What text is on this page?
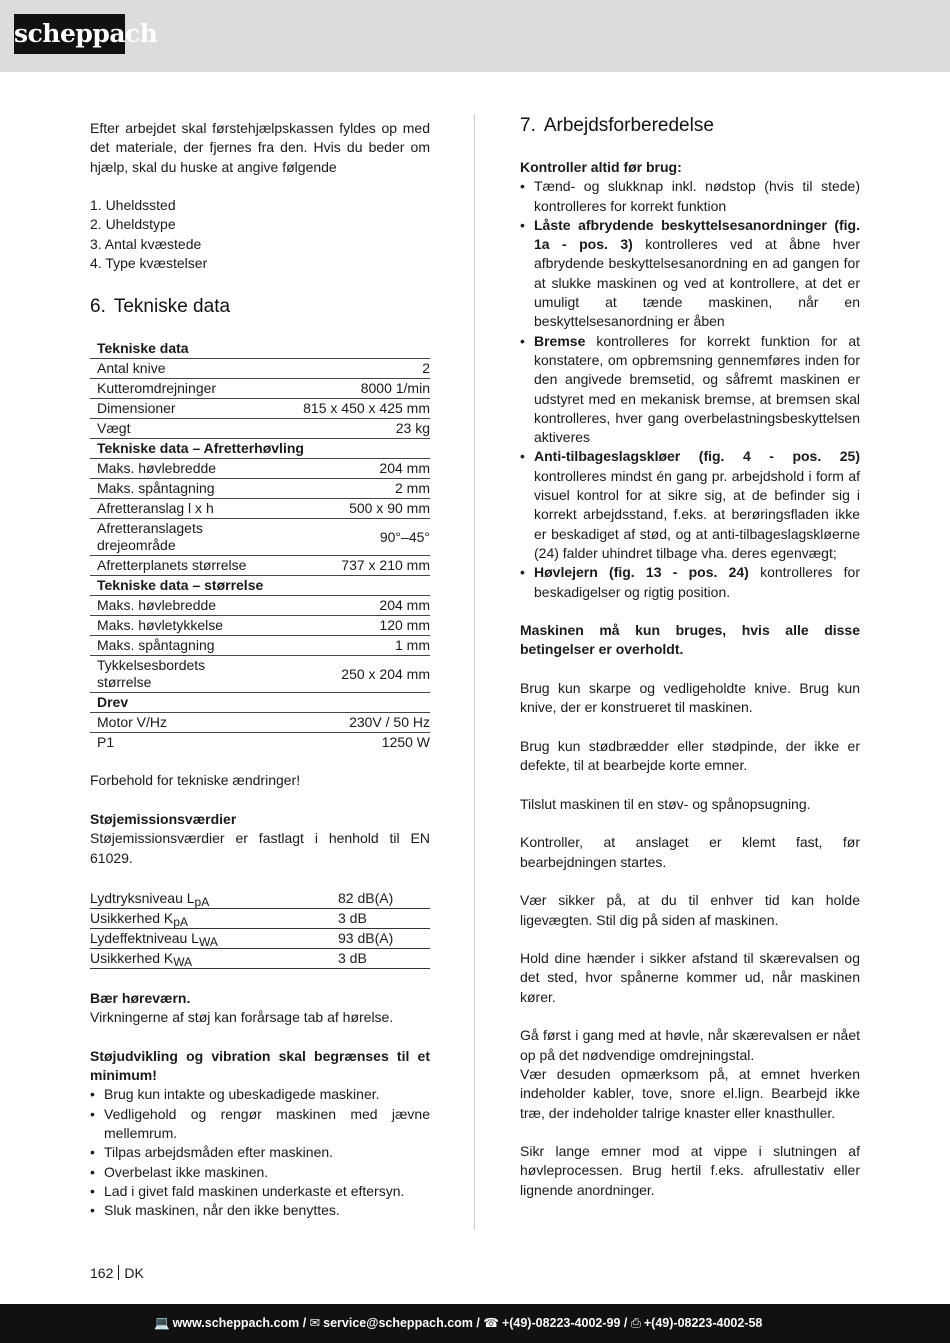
scheppach

Efter arbejdet skal førstehjælpskassen fyldes op med det materiale, der fjernes fra den. Hvis du beder om hjælp, skal du huske at angive følgende

1. Uheldssted

2. Uheldstype

3. Antal kvæstede

4. Type kvæstelser

6. Tekniske data
Tekniske data	
Antal knive	2
Kutteromdrejninger	8000 1/min
Dimensioner	815 x 450 x 425 mm
Vægt	23 kg
Tekniske data – Afretterhøvling	
Maks. høvlebredde	204 mm
Maks. spåntagning	2 mm
Afretteranslag l x h	500 x 90 mm
Afretteranslagets drejeområde	90°–45°
Afretterplanets størrelse	737 x 210 mm
Tekniske data – størrelse	
Maks. høvlebredde	204 mm
Maks. høvletykkelse	120 mm
Maks. spåntagning	1 mm
Tykkelsesbordets størrelse	250 x 204 mm
Drev	
Motor V/Hz	230V / 50 Hz
P1	1250 W

Forbehold for tekniske ændringer!

Støjemissionsværdier

Støjemissionsværdier er fastlagt i henhold til EN 61029.

Lydtryksniveau LpA	82 dB(A)
Usikkerhed KpA	3 dB
Lydeffektniveau LWA	93 dB(A)
Usikkerhed KWA	3 dB

Bær høreværn.

Virkningerne af støj kan forårsage tab af hørelse.

Støjudvikling og vibration skal begrænses til et minimum!

• Brug kun intakte og ubeskadigede maskiner.
• Vedligehold og rengør maskinen med jævne mellemrum.
• Tilpas arbejdsmåden efter maskinen.
• Overbelast ikke maskinen.
• Lad i givet fald maskinen underkaste et eftersyn.
• Sluk maskinen, når den ikke benyttes.
7. Arbejdsforberedelse

Kontroller altid før brug:

• Tænd- og slukknap inkl. nødstop (hvis til stede) kontrolleres for korrekt funktion
• Låste afbrydende beskyttelsesanordninger (fig. 1a - pos. 3) kontrolleres ved at åbne hver afbrydende beskyttelsesanordning en ad gangen for at slukke maskinen og ved at kontrollere, at det er umuligt at tænde maskinen, når en beskyttelsesanordning er åben
• Bremse kontrolleres for korrekt funktion for at konstatere, om opbremsning gennemføres inden for den angivede bremsetid, og såfremt maskinen er udstyret med en mekanisk bremse, at bremsen skal kontrolleres, hver gang overbelastningsbeskyttelsen aktiveres
• Anti-tilbageslagskløer (fig. 4 - pos. 25) kontrolleres mindst én gang pr. arbejdshold i form af visuel kontrol for at sikre sig, at de befinder sig i korrekt arbejdsstand, f.eks. at berøringsfladen ikke er beskadiget af stød, og at anti-tilbageslagskløerne (24) falder uhindret tilbage vha. deres egenvægt;
• Høvlejern (fig. 13 - pos. 24) kontrolleres for beskadigelser og rigtig position.

Maskinen må kun bruges, hvis alle disse betingelser er overholdt.

Brug kun skarpe og vedligeholdte knive. Brug kun knive, der er konstrueret til maskinen.

Brug kun stødbrædder eller stødpinde, der ikke er defekte, til at bearbejde korte emner.

Tilslut maskinen til en støv- og spånopsugning.

Kontroller, at anslaget er klemt fast, før bearbejdningen startes.

Vær sikker på, at du til enhver tid kan holde ligevægten. Stil dig på siden af maskinen.

Hold dine hænder i sikker afstand til skærevalsen og det sted, hvor spånerne kommer ud, når maskinen kører.

Gå først i gang med at høvle, når skærevalsen er nået op på det nødvendige omdrejningstal.

Vær desuden opmærksom på, at emnet hverken indeholder kabler, tove, snore el.lign. Bearbejd ikke træ, der indeholder talrige knaster eller knasthuller.

Sikr lange emner mod at vippe i slutningen af høvleprocessen. Brug hertil f.eks. afrullestativ eller lignende anordninger.

162 DK
💻 www.scheppach.com / ✉ service@scheppach.com / ☎ +(49)-08223-4002-99 / ⎙ +(49)-08223-4002-58
